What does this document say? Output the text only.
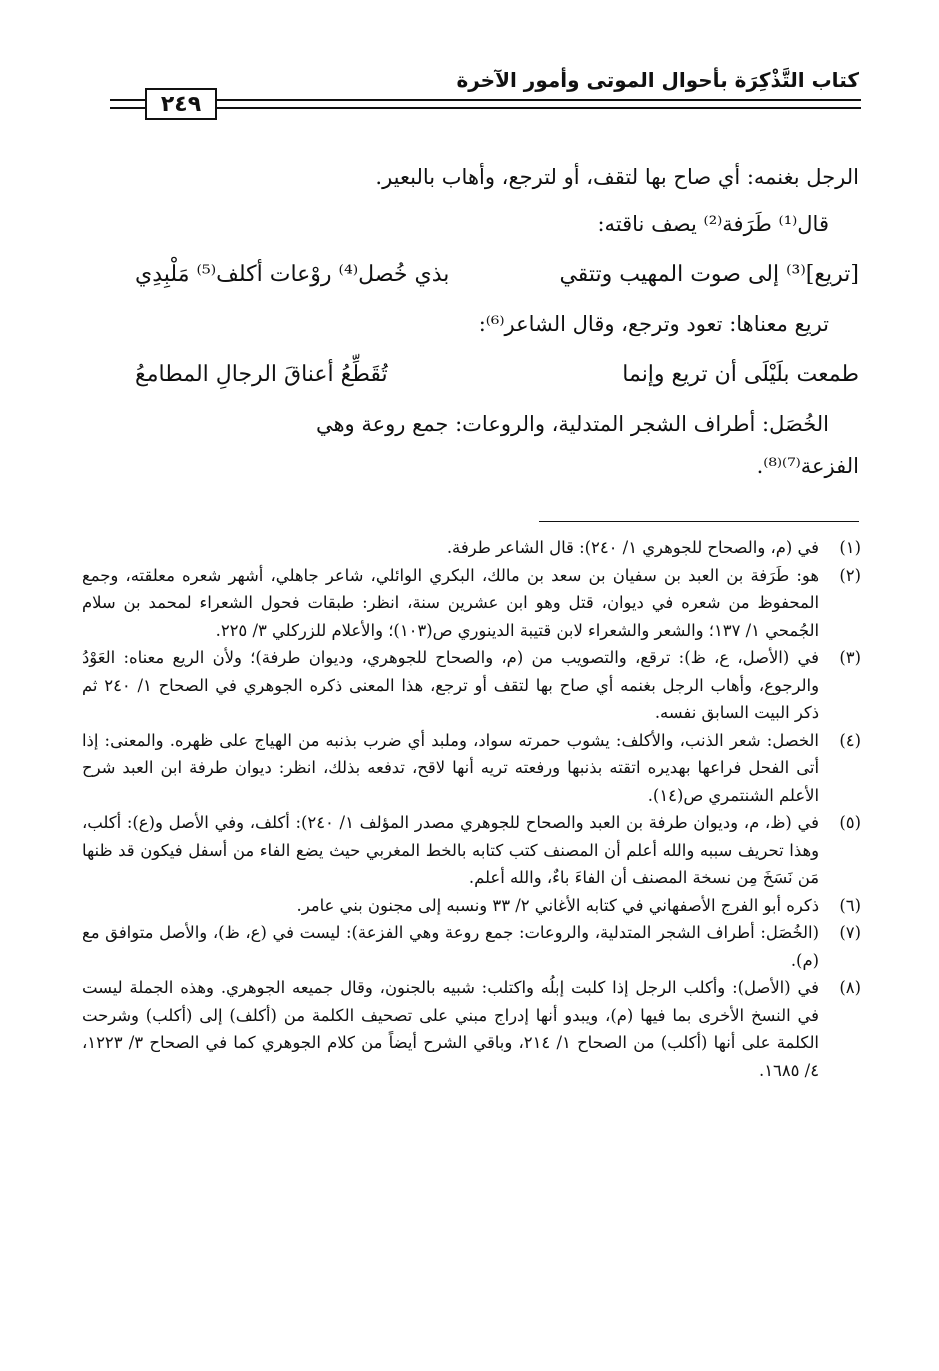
كتاب التَّذْكِرَة بأحوال الموتى وأمور الآخرة
٢٤٩
الرجل بغنمه: أي صاح بها لتقف، أو لترجع، وأهاب بالبعير.
قال⁽¹⁾ طَرَفة⁽²⁾ يصف ناقته:
[تريع]⁽³⁾ إلى صوت المهيب وتتقي
بذي خُصل⁽⁴⁾ روْعات أكلف⁽⁵⁾ مَلْبِدِي
تريع معناها: تعود وترجع، وقال الشاعر⁽⁶⁾:
طمعت بلَيْلَى أن تريع وإنما
تُقَطِّعُ أعناقَ الرجالِ المطامعُ
الخُصَل: أطراف الشجر المتدلية، والروعات: جمع روعة وهي
الفزعة⁽⁷⁾⁽⁸⁾.
(١)
في (م، والصحاح للجوهري ١/ ٢٤٠): قال الشاعر طرفة.
(٢)
هو: طَرَفة بن العبد بن سفيان بن سعد بن مالك، البكري الوائلي، شاعر جاهلي، أشهر شعره معلقته، وجمع المحفوظ من شعره في ديوان، قتل وهو ابن عشرين سنة، انظر: طبقات فحول الشعراء لمحمد بن سلام الجُمحي ١/ ١٣٧؛ والشعر والشعراء لابن قتيبة الدينوري ص(١٠٣)؛ والأعلام للزركلي ٣/ ٢٢٥.
(٣)
في (الأصل، ع، ظ): ترقع، والتصويب من (م، والصحاح للجوهري، وديوان طرفة)؛ ولأن الريع معناه: العَوْدُ والرجوع، وأهاب الرجل بغنمه أي صاح بها لتقف أو ترجع، هذا المعنى ذكره الجوهري في الصحاح ١/ ٢٤٠ ثم ذكر البيت السابق نفسه.
(٤)
الخصل: شعر الذنب، والأكلف: يشوب حمرته سواد، وملبد أي ضرب بذنبه من الهياج على ظهره. والمعنى: إذا أتى الفحل فراعها بهديره اتقته بذنبها ورفعته تريه أنها لاقح، تدفعه بذلك، انظر: ديوان طرفة ابن العبد شرح الأعلم الشنتمري ص(١٤).
(٥)
في (ظ، م، وديوان طرفة بن العبد والصحاح للجوهري مصدر المؤلف ١/ ٢٤٠): أكلف، وفي الأصل و(ع): أكلب، وهذا تحريف سببه والله أعلم أن المصنف كتب كتابه بالخط المغربي حيث يضع الفاء من أسفل فيكون قد ظنها مَن نَسَخَ مِن نسخة المصنف أن الفاءَ باءٌ، والله أعلم.
(٦)
ذكره أبو الفرج الأصفهاني في كتابه الأغاني ٢/ ٣٣ ونسبه إلى مجنون بني عامر.
(٧)
(الخُصَل: أطراف الشجر المتدلية، والروعات: جمع روعة وهي الفزعة): ليست في (ع، ظ)، والأصل متوافق مع (م).
(٨)
في (الأصل): وأكلب الرجل إذا كلبت إبلُه واكتلب: شبيه بالجنون، وقال جميعه الجوهري. وهذه الجملة ليست في النسخ الأخرى بما فيها (م)، ويبدو أنها إدراج مبني على تصحيف الكلمة من (أكلف) إلى (أكلب) وشرحت الكلمة على أنها (أكلب) من الصحاح ١/ ٢١٤، وباقي الشرح أيضاً من كلام الجوهري كما في الصحاح ٣/ ١٢٢٣، ٤/ ١٦٨٥.
